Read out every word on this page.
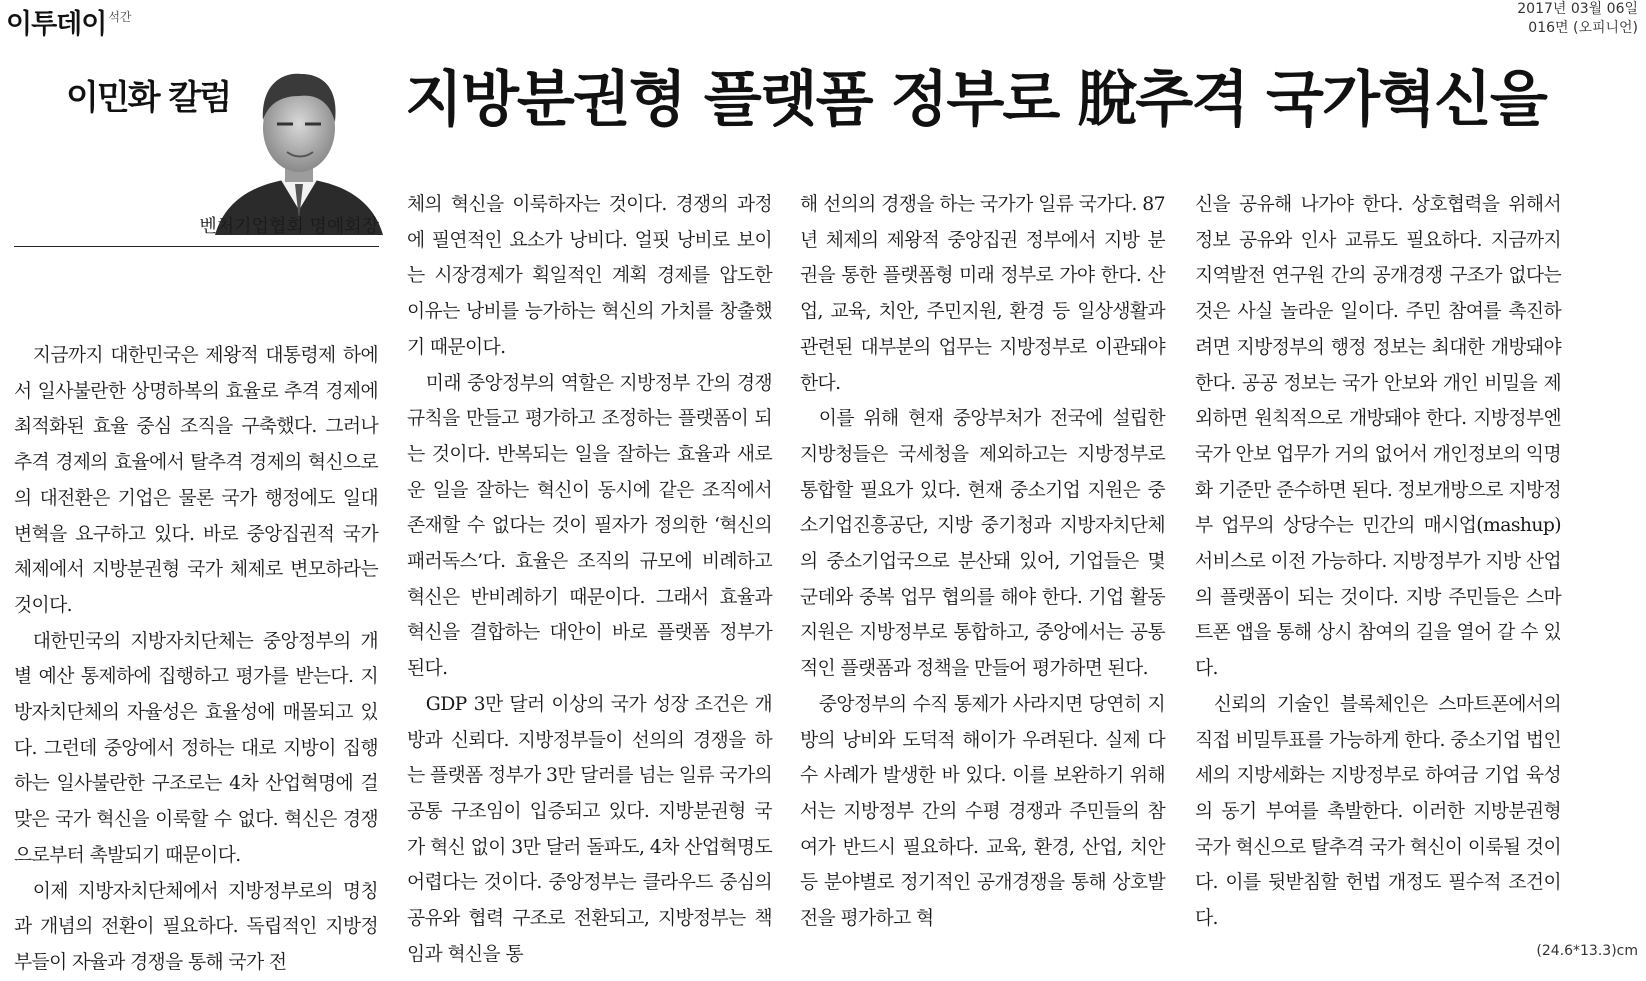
이투데이 $^{석간}$	2017년 03월 06일
016면 (오피니언)
이민화 칼럼	지방분권형 플랫폼 정부로 脫추격 국가혁신을
벤처기업협회 명예회장

지금까지 대한민국은 제왕적 대통령제 하에서 일사불란한 상명하복의 효율로 추격 경제에 최적화된 효율 중심 조직을 구축했다. 그러나 추격 경제의 효율에서 탈추격 경제의 혁신으로의 대전환은 기업은 물론 국가 행정에도 일대 변혁을 요구하고 있다. 바로 중앙집권적 국가 체제에서 지방분권형 국가 체제로 변모하라는 것이다.

대한민국의 지방자치단체는 중앙정부의 개별 예산 통제하에 집행하고 평가를 받는다. 지방자치단체의 자율성은 효율성에 매몰되고 있다. 그런데 중앙에서 정하는 대로 지방이 집행하는 일사불란한 구조로는 4차 산업혁명에 걸맞은 국가 혁신을 이룩할 수 없다. 혁신은 경쟁으로부터 촉발되기 때문이다.

이제 지방자치단체에서 지방정부로의 명칭과 개념의 전환이 필요하다. 독립적인 지방정부들이 자율과 경쟁을 통해 국가 전

체의 혁신을 이룩하자는 것이다. 경쟁의 과정에 필연적인 요소가 낭비다. 얼핏 낭비로 보이는 시장경제가 획일적인 계획 경제를 압도한 이유는 낭비를 능가하는 혁신의 가치를 창출했기 때문이다.

미래 중앙정부의 역할은 지방정부 간의 경쟁 규칙을 만들고 평가하고 조정하는 플랫폼이 되는 것이다. 반복되는 일을 잘하는 효율과 새로운 일을 잘하는 혁신이 동시에 같은 조직에서 존재할 수 없다는 것이 필자가 정의한 ‘혁신의 패러독스’다. 효율은 조직의 규모에 비례하고 혁신은 반비례하기 때문이다. 그래서 효율과 혁신을 결합하는 대안이 바로 플랫폼 정부가 된다.

GDP 3만 달러 이상의 국가 성장 조건은 개방과 신뢰다. 지방정부들이 선의의 경쟁을 하는 플랫폼 정부가 3만 달러를 넘는 일류 국가의 공통 구조임이 입증되고 있다. 지방분권형 국가 혁신 없이 3만 달러 돌파도, 4차 산업혁명도 어렵다는 것이다. 중앙정부는 클라우드 중심의 공유와 협력 구조로 전환되고, 지방정부는 책임과 혁신을 통

해 선의의 경쟁을 하는 국가가 일류 국가다. 87년 체제의 제왕적 중앙집권 정부에서 지방 분권을 통한 플랫폼형 미래 정부로 가야 한다. 산업, 교육, 치안, 주민지원, 환경 등 일상생활과 관련된 대부분의 업무는 지방정부로 이관돼야 한다.

이를 위해 현재 중앙부처가 전국에 설립한 지방청들은 국세청을 제외하고는 지방정부로 통합할 필요가 있다. 현재 중소기업 지원은 중소기업진흥공단, 지방 중기청과 지방자치단체의 중소기업국으로 분산돼 있어, 기업들은 몇 군데와 중복 업무 협의를 해야 한다. 기업 활동 지원은 지방정부로 통합하고, 중앙에서는 공통적인 플랫폼과 정책을 만들어 평가하면 된다.

중앙정부의 수직 통제가 사라지면 당연히 지방의 낭비와 도덕적 해이가 우려된다. 실제 다수 사례가 발생한 바 있다. 이를 보완하기 위해서는 지방정부 간의 수평 경쟁과 주민들의 참여가 반드시 필요하다. 교육, 환경, 산업, 치안 등 분야별로 정기적인 공개경쟁을 통해 상호발전을 평가하고 혁

신을 공유해 나가야 한다. 상호협력을 위해서 정보 공유와 인사 교류도 필요하다. 지금까지 지역발전 연구원 간의 공개경쟁 구조가 없다는 것은 사실 놀라운 일이다. 주민 참여를 촉진하려면 지방정부의 행정 정보는 최대한 개방돼야 한다. 공공 정보는 국가 안보와 개인 비밀을 제외하면 원칙적으로 개방돼야 한다. 지방정부엔 국가 안보 업무가 거의 없어서 개인정보의 익명화 기준만 준수하면 된다. 정보개방으로 지방정부 업무의 상당수는 민간의 매시업(mashup) 서비스로 이전 가능하다. 지방정부가 지방 산업의 플랫폼이 되는 것이다. 지방 주민들은 스마트폰 앱을 통해 상시 참여의 길을 열어 갈 수 있다.

신뢰의 기술인 블록체인은 스마트폰에서의 직접 비밀투표를 가능하게 한다. 중소기업 법인세의 지방세화는 지방정부로 하여금 기업 육성의 동기 부여를 촉발한다. 이러한 지방분권형 국가 혁신으로 탈추격 국가 혁신이 이룩될 것이다. 이를 뒷받침할 헌법 개정도 필수적 조건이다.

(24.6*13.3)cm
